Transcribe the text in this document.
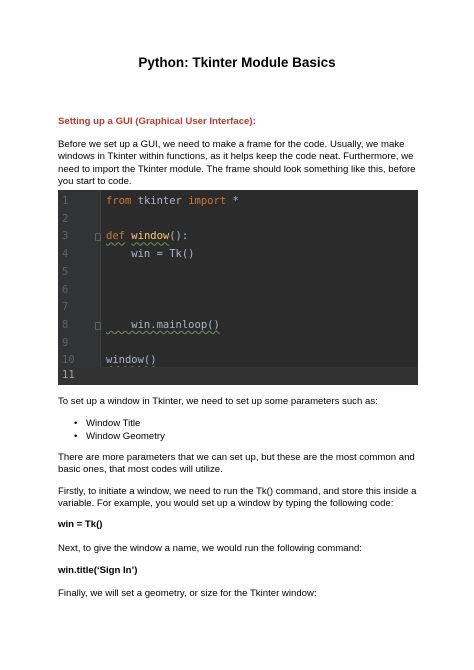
Python: Tkinter Module Basics
Setting up a GUI (Graphical User Interface):
Before we set up a GUI, we need to make a frame for the code. Usually, we make
windows in Tkinter within functions, as it helps keep the code neat. Furthermore, we
need to import the Tkinter module. The frame should look something like this, before
you start to code.
1	from tkinter import *
2
3	def window():
4	win = Tk()
5
6
7
8	win.mainloop()
9
10	window()
11
To set up a window in Tkinter, we need to set up some parameters such as:
• Window Title
• Window Geometry
There are more parameters that we can set up, but these are the most common and
basic ones, that most codes will utilize.
Firstly, to initiate a window, we need to run the Tk() command, and store this inside a
variable. For example, you would set up a window by typing the following code:
win = Tk()
Next, to give the window a name, we would run the following command:
win.title(‘Sign In’)
Finally, we will set a geometry, or size for the Tkinter window:
